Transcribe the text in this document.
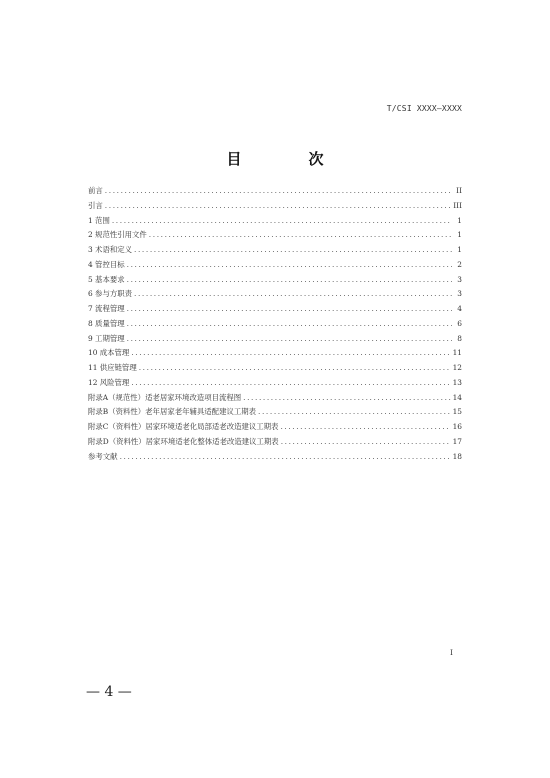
T/CSI XXXX—XXXX
目　次
前言 .....	II
引言 .....	III
1 范围 .....	1
2 规范性引用文件 .....	1
3 术语和定义 .....	1
4 管控目标 .....	2
5 基本要求 .....	3
6 参与方职责 .....	3
7 流程管理 .....	4
8 质量管理 .....	6
9 工期管理 .....	8
10 成本管理 .....	11
11 供应链管理 .....	12
12 风险管理 .....	13
附录A（规范性）适老居家环境改造项目流程图 .....	14
附录B（资料性）老年居家老年辅具适配建议工期表 .....	15
附录C（资料性）居家环境适老化局部适老改造建议工期表 .....	16
附录D（资料性）居家环境适老化整体适老改造建议工期表 .....	17
参考文献 .....	18
I
— 4 —
